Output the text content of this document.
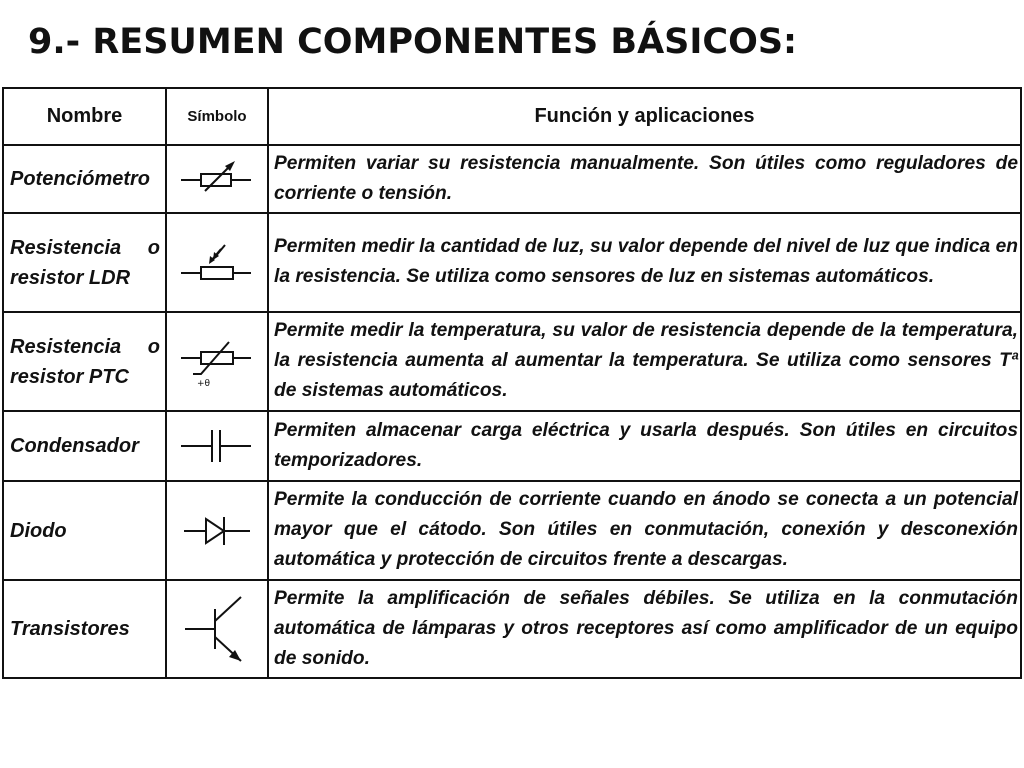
9.- RESUMEN COMPONENTES BÁSICOS:
Nombre	Símbolo	Función y aplicaciones
Potenciómetro		Permiten variar su resistencia manualmente. Son útiles como reguladores de corriente o tensión.
Resistencia o resistor LDR		Permiten medir la cantidad de luz, su valor depende del nivel de luz que indica en la resistencia. Se utiliza como sensores de luz en sistemas automáticos.
Resistencia o resistor PTC	+θ	Permite medir la temperatura, su valor de resistencia depende de la temperatura, la resistencia aumenta al aumentar la temperatura. Se utiliza como sensores Tª de sistemas automáticos.
Condensador		Permiten almacenar carga eléctrica y usarla después. Son útiles en circuitos temporizadores.
Diodo		Permite la conducción de corriente cuando en ánodo se conecta a un potencial mayor que el cátodo. Son útiles en conmutación, conexión y desconexión automática y protección de circuitos frente a descargas.
Transistores		Permite la amplificación de señales débiles. Se utiliza en la conmutación automática de lámparas y otros receptores así como amplificador de un equipo de sonido.
